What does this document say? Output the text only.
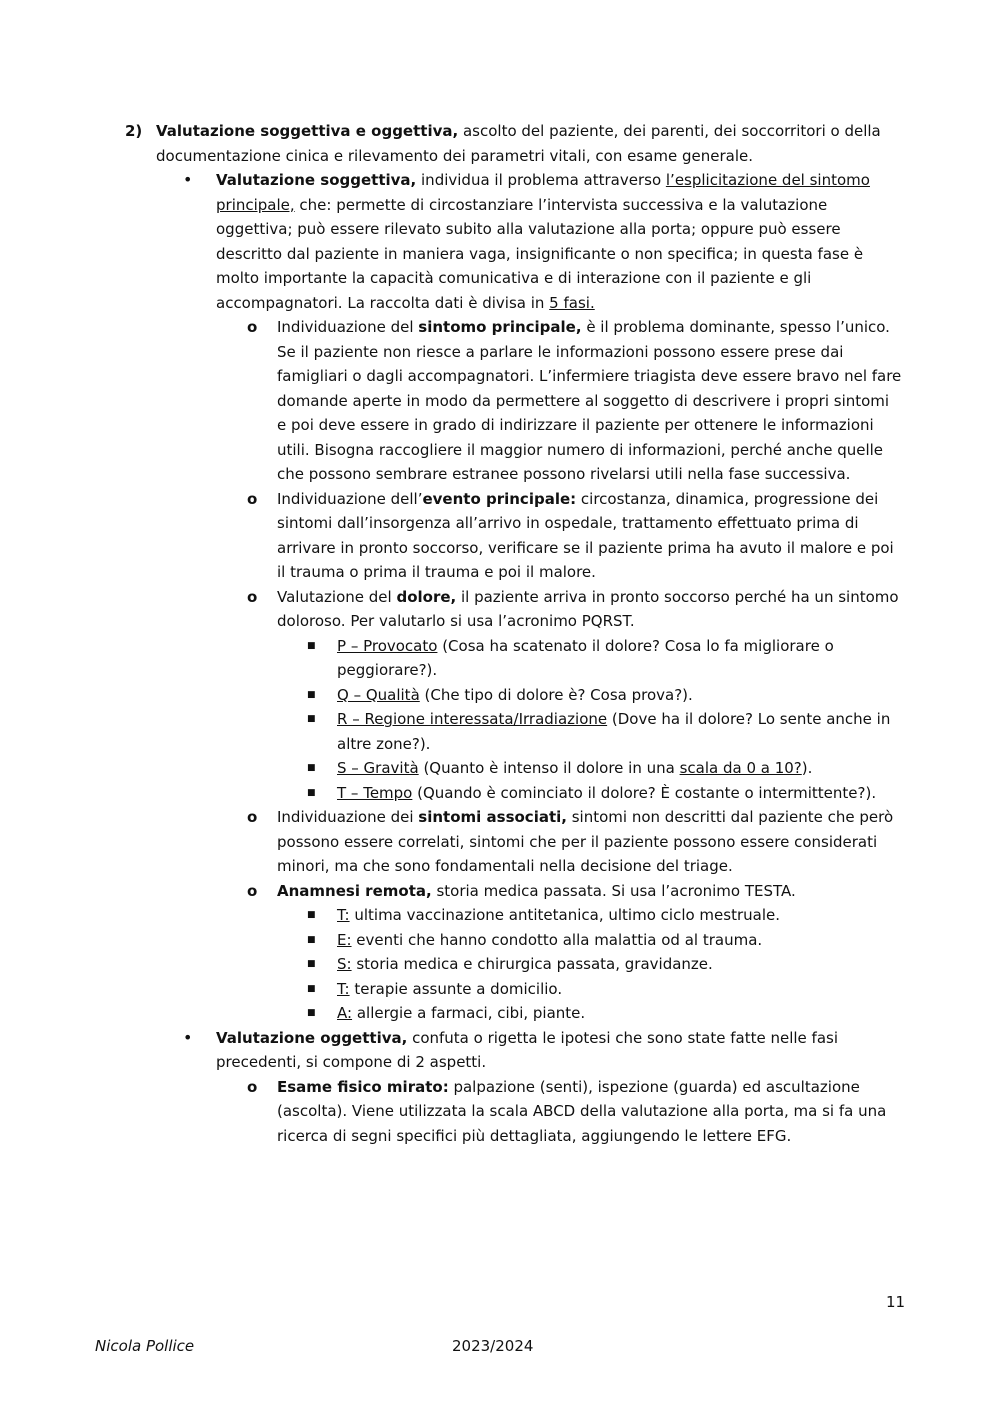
2) Valutazione soggettiva e oggettiva, ascolto del paziente, dei parenti, dei soccorritori o della documentazione cinica e rilevamento dei parametri vitali, con esame generale.
• Valutazione soggettiva, individua il problema attraverso l’esplicitazione del sintomo principale, che: permette di circostanziare l’intervista successiva e la valutazione oggettiva; può essere rilevato subito alla valutazione alla porta; oppure può essere descritto dal paziente in maniera vaga, insignificante o non specifica; in questa fase è molto importante la capacità comunicativa e di interazione con il paziente e gli accompagnatori. La raccolta dati è divisa in 5 fasi.
o Individuazione del sintomo principale, è il problema dominante, spesso l’unico. Se il paziente non riesce a parlare le informazioni possono essere prese dai famigliari o dagli accompagnatori. L’infermiere triagista deve essere bravo nel fare domande aperte in modo da permettere al soggetto di descrivere i propri sintomi e poi deve essere in grado di indirizzare il paziente per ottenere le informazioni utili. Bisogna raccogliere il maggior numero di informazioni, perché anche quelle che possono sembrare estranee possono rivelarsi utili nella fase successiva.
o Individuazione dell’evento principale: circostanza, dinamica, progressione dei sintomi dall’insorgenza all’arrivo in ospedale, trattamento effettuato prima di arrivare in pronto soccorso, verificare se il paziente prima ha avuto il malore e poi il trauma o prima il trauma e poi il malore.
o Valutazione del dolore, il paziente arriva in pronto soccorso perché ha un sintomo doloroso. Per valutarlo si usa l’acronimo PQRST.
■ P – Provocato (Cosa ha scatenato il dolore? Cosa lo fa migliorare o peggiorare?).
■ Q – Qualità (Che tipo di dolore è? Cosa prova?).
■ R – Regione interessata/Irradiazione (Dove ha il dolore? Lo sente anche in altre zone?).
■ S – Gravità (Quanto è intenso il dolore in una scala da 0 a 10?).
■ T – Tempo (Quando è cominciato il dolore? È costante o intermittente?).
o Individuazione dei sintomi associati, sintomi non descritti dal paziente che però possono essere correlati, sintomi che per il paziente possono essere considerati minori, ma che sono fondamentali nella decisione del triage.
o Anamnesi remota, storia medica passata. Si usa l’acronimo TESTA.
■ T: ultima vaccinazione antitetanica, ultimo ciclo mestruale.
■ E: eventi che hanno condotto alla malattia od al trauma.
■ S: storia medica e chirurgica passata, gravidanze.
■ T: terapie assunte a domicilio.
■ A: allergie a farmaci, cibi, piante.
• Valutazione oggettiva, confuta o rigetta le ipotesi che sono state fatte nelle fasi precedenti, si compone di 2 aspetti.
o Esame fisico mirato: palpazione (senti), ispezione (guarda) ed ascultazione (ascolta). Viene utilizzata la scala ABCD della valutazione alla porta, ma si fa una ricerca di segni specifici più dettagliata, aggiungendo le lettere EFG.
11
Nicola Pollice	2023/2024
